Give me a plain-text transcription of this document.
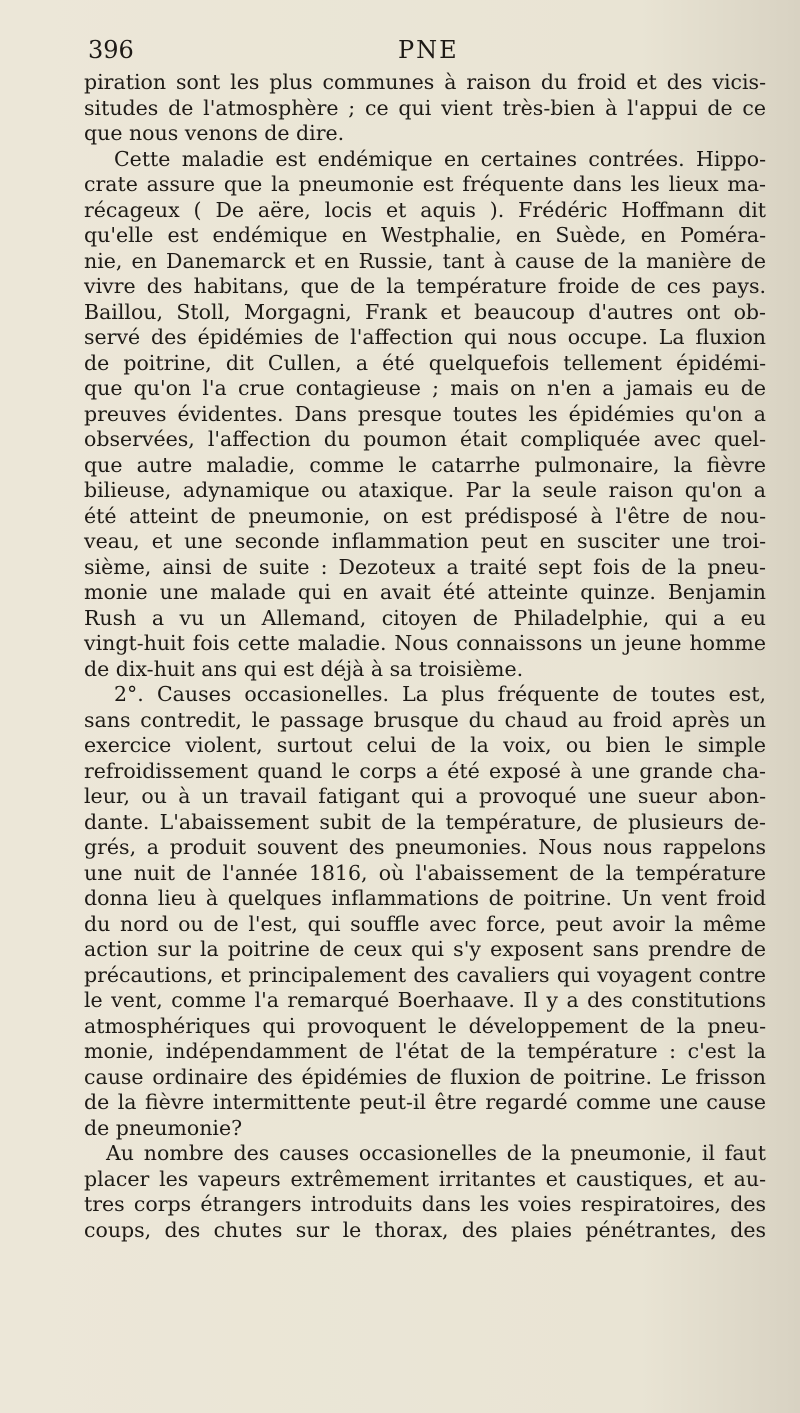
396	PNE
piration sont les plus communes à raison du froid et des vicis-
situdes de l'atmosphère ; ce qui vient très-bien à l'appui de ce
que nous venons de dire.
Cette maladie est endémique en certaines contrées. Hippo-
crate assure que la pneumonie est fréquente dans les lieux ma-
récageux ( De aëre, locis et aquis ). Frédéric Hoffmann dit
qu'elle est endémique en Westphalie, en Suède, en Poméra-
nie, en Danemarck et en Russie, tant à cause de la manière de
vivre des habitans, que de la température froide de ces pays.
Baillou, Stoll, Morgagni, Frank et beaucoup d'autres ont ob-
servé des épidémies de l'affection qui nous occupe. La fluxion
de poitrine, dit Cullen, a été quelquefois tellement épidémi-
que qu'on l'a crue contagieuse ; mais on n'en a jamais eu de
preuves évidentes. Dans presque toutes les épidémies qu'on a
observées, l'affection du poumon était compliquée avec quel-
que autre maladie, comme le catarrhe pulmonaire, la fièvre
bilieuse, adynamique ou ataxique. Par la seule raison qu'on a
été atteint de pneumonie, on est prédisposé à l'être de nou-
veau, et une seconde inflammation peut en susciter une troi-
sième, ainsi de suite : Dezoteux a traité sept fois de la pneu-
monie une malade qui en avait été atteinte quinze. Benjamin
Rush a vu un Allemand, citoyen de Philadelphie, qui a eu
vingt-huit fois cette maladie. Nous connaissons un jeune homme
de dix-huit ans qui est déjà à sa troisième.
2°. Causes occasionelles. La plus fréquente de toutes est,
sans contredit, le passage brusque du chaud au froid après un
exercice violent, surtout celui de la voix, ou bien le simple
refroidissement quand le corps a été exposé à une grande cha-
leur, ou à un travail fatigant qui a provoqué une sueur abon-
dante. L'abaissement subit de la température, de plusieurs de-
grés, a produit souvent des pneumonies. Nous nous rappelons
une nuit de l'année 1816, où l'abaissement de la température
donna lieu à quelques inflammations de poitrine. Un vent froid
du nord ou de l'est, qui souffle avec force, peut avoir la même
action sur la poitrine de ceux qui s'y exposent sans prendre de
précautions, et principalement des cavaliers qui voyagent contre
le vent, comme l'a remarqué Boerhaave. Il y a des constitutions
atmosphériques qui provoquent le développement de la pneu-
monie, indépendamment de l'état de la température : c'est la
cause ordinaire des épidémies de fluxion de poitrine. Le frisson
de la fièvre intermittente peut-il être regardé comme une cause
de pneumonie?
Au nombre des causes occasionelles de la pneumonie, il faut
placer les vapeurs extrêmement irritantes et caustiques, et au-
tres corps étrangers introduits dans les voies respiratoires, des
coups, des chutes sur le thorax, des plaies pénétrantes, des
